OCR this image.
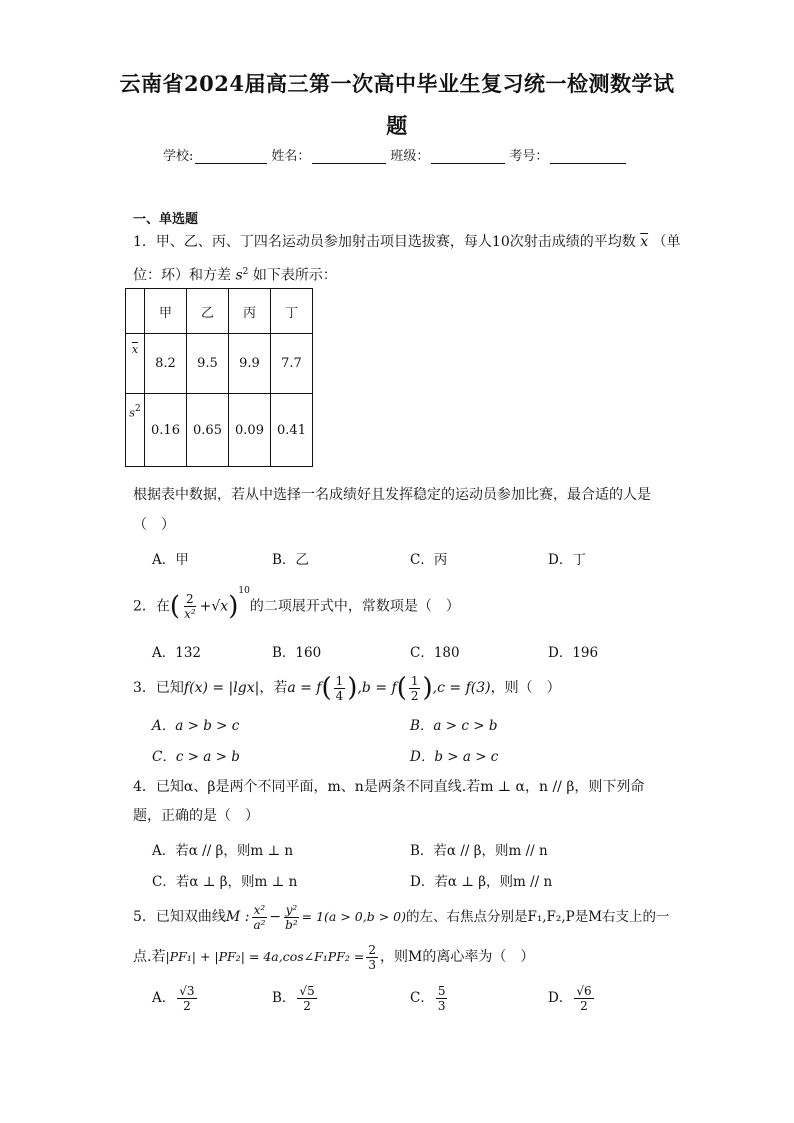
云南省2024届高三第一次高中毕业生复习统一检测数学试
题
学校:	姓名：	班级：	考号：
一、单选题
1．甲、乙、丙、丁四名运动员参加射击项目选拔赛，每人10次射击成绩的平均数 $\overline{x}$ （单
位：环）和方差 $s^2$ 如下表所示：
	甲	乙	丙	丁
$\overline{x}$	8.2	9.5	9.9	7.7
$s^2$	0.16	0.65	0.09	0.41
根据表中数据，若从中选择一名成绩好且发挥稳定的运动员参加比赛，最合适的人是
（　）
A．甲	B．乙	C．丙	D．丁
2．在( $\frac{2}{\text{x²}} +√x)^{10}$的二项展开式中，常数项是（　）
A．132	B．160	C．180	D．196
3．已知f(x) = |lgx|，若$a = f( \frac{1}{4} ),b = f( \frac{1}{2} ),c = f(3)$，则（　）
A．a > b > c	B．a > c > b
C．c > a > b	D．b > a > c
4．已知α、β是两个不同平面，m、n是两条不同直线.若m ⊥ α，n // β，则下列命
题，正确的是（　）
A．若α // β，则m ⊥ n	B．若α // β，则m // n
C．若α ⊥ β，则m ⊥ n	D．若α ⊥ β，则m // n
5．已知双曲线M : $\frac{\text{x²}}{\text{a²}} - \frac{\text{y²}}{\text{b²}} = 1(a > 0,b > 0)$的左、右焦点分别是F₁,F₂,P是M右支上的一
点.若|PF₁| + |PF₂| = 4a,cos∠F₁PF₂ = $\frac{2}{3}$ ，则M的离心率为（　）
A． $\frac{√3}{2}$	B． $\frac{√5}{2}$	C． $\frac{5}{3}$	D． $\frac{√6}{2}$
